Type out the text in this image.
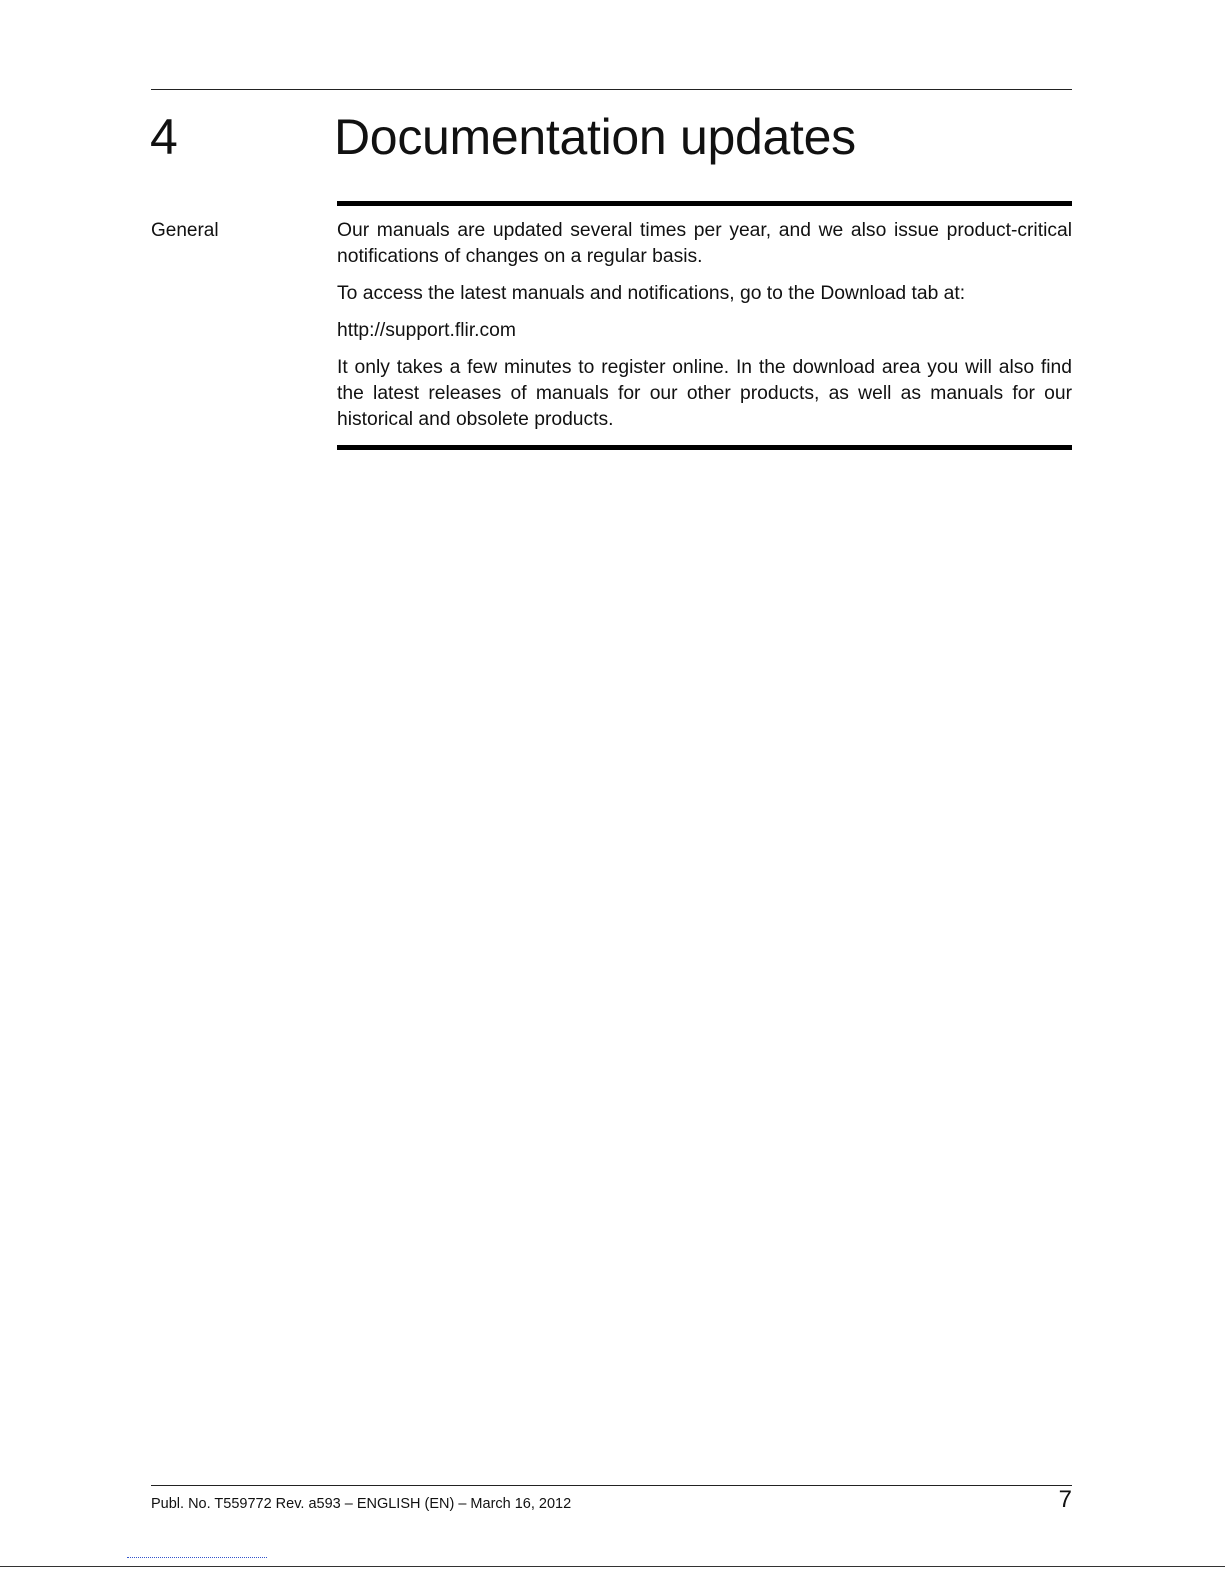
4	Documentation updates
General	Our manuals are updated several times per year, and we also issue product-critical notifications of changes on a regular basis.

To access the latest manuals and notifications, go to the Download tab at:

http://support.flir.com

It only takes a few minutes to register online. In the download area you will also find the latest releases of manuals for our other products, as well as manuals for our historical and obsolete products.

Publ. No. T559772 Rev. a593 – ENGLISH (EN) – March 16, 2012	7
